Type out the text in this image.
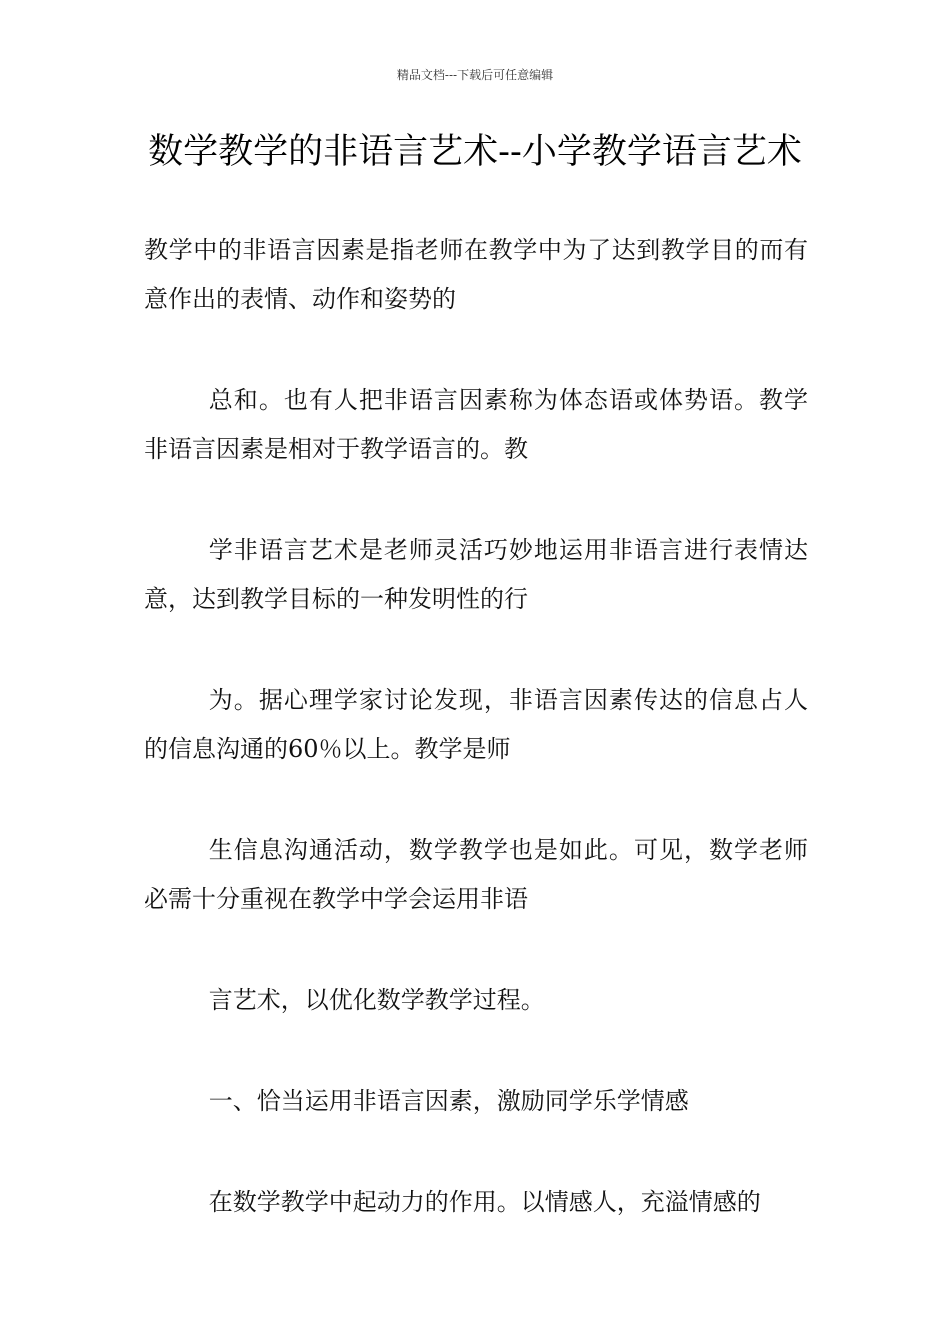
精品文档---下载后可任意编辑
数学教学的非语言艺术--小学教学语言艺术

教学中的非语言因素是指老师在教学中为了达到教学目的而有意作出的表情、动作和姿势的

总和。也有人把非语言因素称为体态语或体势语。教学非语言因素是相对于教学语言的。教

学非语言艺术是老师灵活巧妙地运用非语言进行表情达意，达到教学目标的一种发明性的行

为。据心理学家讨论发现，非语言因素传达的信息占人的信息沟通的60％以上。教学是师

生信息沟通活动，数学教学也是如此。可见，数学老师必需十分重视在教学中学会运用非语

言艺术，以优化数学教学过程。

一、恰当运用非语言因素，激励同学乐学情感

在数学教学中起动力的作用。以情感人，充溢情感的
